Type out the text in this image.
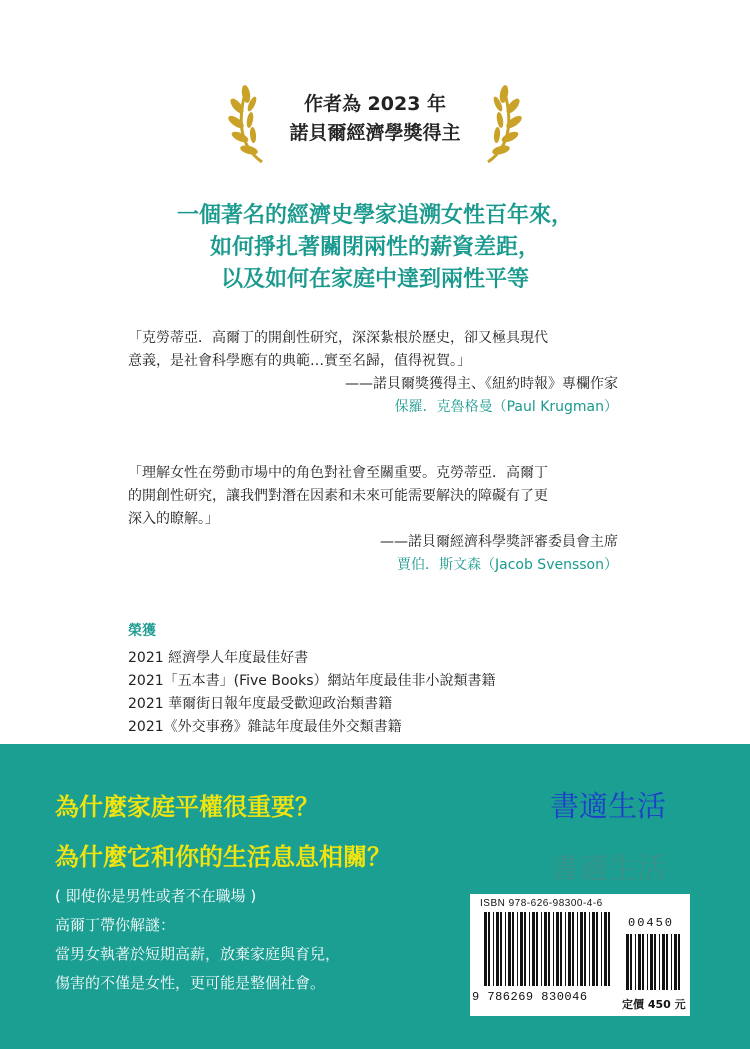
作者為 2023 年
諾貝爾經濟學獎得主
一個著名的經濟史學家追溯女性百年來，
如何掙扎著關閉兩性的薪資差距，
以及如何在家庭中達到兩性平等
「克勞蒂亞．高爾丁的開創性研究，深深紮根於歷史，卻又極具現代
意義，是社會科學應有的典範…實至名歸，值得祝賀。」
——諾貝爾獎獲得主、《紐約時報》專欄作家
保羅．克魯格曼（Paul Krugman）
「理解女性在勞動市場中的角色對社會至關重要。克勞蒂亞．高爾丁
的開創性研究，讓我們對潛在因素和未來可能需要解決的障礙有了更
深入的瞭解。」
——諾貝爾經濟科學獎評審委員會主席
賈伯．斯文森（Jacob Svensson）
榮獲
2021 經濟學人年度最佳好書
2021「五本書」(Five Books）網站年度最佳非小說類書籍
2021 華爾街日報年度最受歡迎政治類書籍
2021《外交事務》雜誌年度最佳外交類書籍
為什麼家庭平權很重要？
為什麼它和你的生活息息相關？
( 即使你是男性或者不在職場 )
高爾丁帶你解謎：
當男女執著於短期高薪，放棄家庭與育兒，
傷害的不僅是女性，更可能是整個社會。
書適生活
書適生活
ISBN 978-626-98300-4-6
00450
9 786269 830046
定價 450 元
